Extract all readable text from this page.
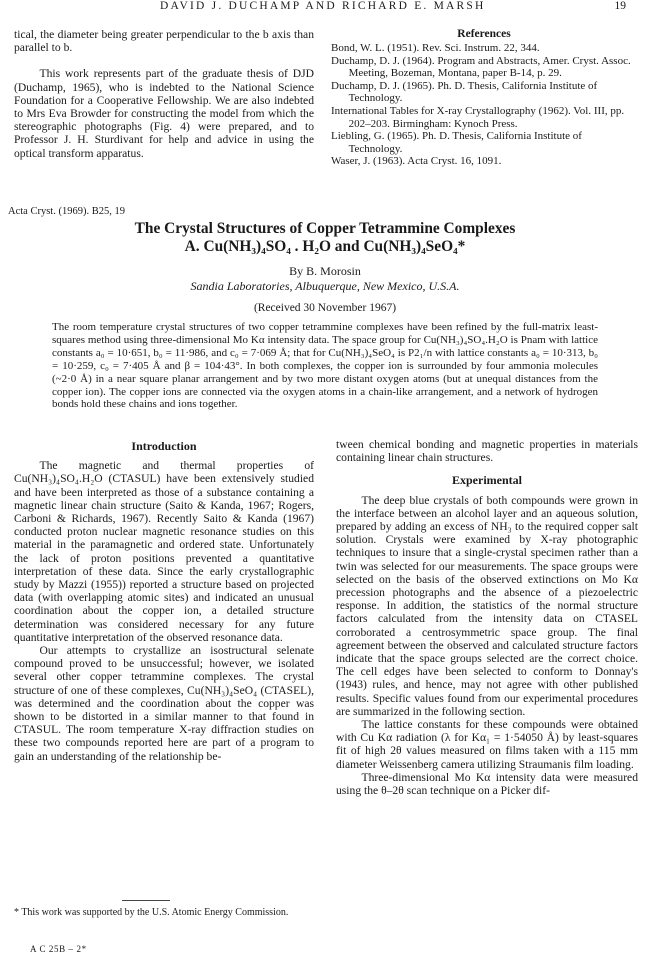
DAVID J. DUCHAMP AND RICHARD E. MARSH	19

tical, the diameter being greater perpendicular to the b axis than parallel to b.

This work represents part of the graduate thesis of DJD (Duchamp, 1965), who is indebted to the National Science Foundation for a Cooperative Fellowship. We are also indebted to Mrs Eva Browder for constructing the model from which the stereographic photographs (Fig. 4) were prepared, and to Professor J. H. Sturdivant for help and advice in using the optical transform apparatus.

References

Bond, W. L. (1951). Rev. Sci. Instrum. 22, 344.

Duchamp, D. J. (1964). Program and Abstracts, Amer. Cryst. Assoc. Meeting, Bozeman, Montana, paper B-14, p. 29.

Duchamp, D. J. (1965). Ph. D. Thesis, California Institute of Technology.

International Tables for X-ray Crystallography (1962). Vol. III, pp. 202–203. Birmingham: Kynoch Press.

Liebling, G. (1965). Ph. D. Thesis, California Institute of Technology.

Waser, J. (1963). Acta Cryst. 16, 1091.

Acta Cryst. (1969). B25, 19
The Crystal Structures of Copper Tetrammine Complexes
A. Cu(NH₃)₄SO₄ . H₂O and Cu(NH₃)₄SeO₄*
By B. Morosin
Sandia Laboratories, Albuquerque, New Mexico, U.S.A.
(Received 30 November 1967)
The room temperature crystal structures of two copper tetrammine complexes have been refined by the full-matrix least-squares method using three-dimensional Mo Kα intensity data. The space group for Cu(NH₃)₄SO₄.H₂O is Pnam with lattice constants a₀ = 10·651, b₀ = 11·986, and c₀ = 7·069 Å; that for Cu(NH₃)₄SeO₄ is P2₁/n with lattice constants a₀ = 10·313, b₀ = 10·259, c₀ = 7·405 Å and β = 104·43°. In both complexes, the copper ion is surrounded by four ammonia molecules (~2·0 Å) in a near square planar arrangement and by two more distant oxygen atoms (but at unequal distances from the copper ion). The copper ions are connected via the oxygen atoms in a chain-like arrangement, and a network of hydrogen bonds hold these chains and ions together.
Introduction

The magnetic and thermal properties of Cu(NH₃)₄SO₄.H₂O (CTASUL) have been extensively studied and have been interpreted as those of a substance containing a magnetic linear chain structure (Saito & Kanda, 1967; Rogers, Carboni & Richards, 1967). Recently Saito & Kanda (1967) conducted proton nuclear magnetic resonance studies on this material in the paramagnetic and ordered state. Unfortunately the lack of proton positions prevented a quantitative interpretation of these data. Since the early crystallographic study by Mazzi (1955)) reported a structure based on projected data (with overlapping atomic sites) and indicated an unusual coordination about the copper ion, a detailed structure determination was considered necessary for any future quantitative interpretation of the observed resonance data.

Our attempts to crystallize an isostructural selenate compound proved to be unsuccessful; however, we isolated several other copper tetrammine complexes. The crystal structure of one of these complexes, Cu(NH₃)₄SeO₄ (CTASEL), was determined and the coordination about the copper was shown to be distorted in a similar manner to that found in CTASUL. The room temperature X-ray diffraction studies on these two compounds reported here are part of a program to gain an understanding of the relationship be-

tween chemical bonding and magnetic properties in materials containing linear chain structures.

Experimental

The deep blue crystals of both compounds were grown in the interface between an alcohol layer and an aqueous solution, prepared by adding an excess of NH₃ to the required copper salt solution. Crystals were examined by X-ray photographic techniques to insure that a single-crystal specimen rather than a twin was selected for our measurements. The space groups were selected on the basis of the observed extinctions on Mo Kα precession photographs and the absence of a piezoelectric response. In addition, the statistics of the normal structure factors calculated from the intensity data on CTASEL corroborated a centrosymmetric space group. The final agreement between the observed and calculated structure factors indicate that the space groups selected are the correct choice. The cell edges have been selected to conform to Donnay's (1943) rules, and hence, may not agree with other published results. Specific values found from our experimental procedures are summarized in the following section.

The lattice constants for these compounds were obtained with Cu Kα radiation (λ for Kα₁ = 1·54050 Å) by least-squares fit of high 2θ values measured on films taken with a 115 mm diameter Weissenberg camera utilizing Straumanis film loading.

Three-dimensional Mo Kα intensity data were measured using the θ–2θ scan technique on a Picker dif-

* This work was supported by the U.S. Atomic Energy Commission.
A C 25B – 2*
